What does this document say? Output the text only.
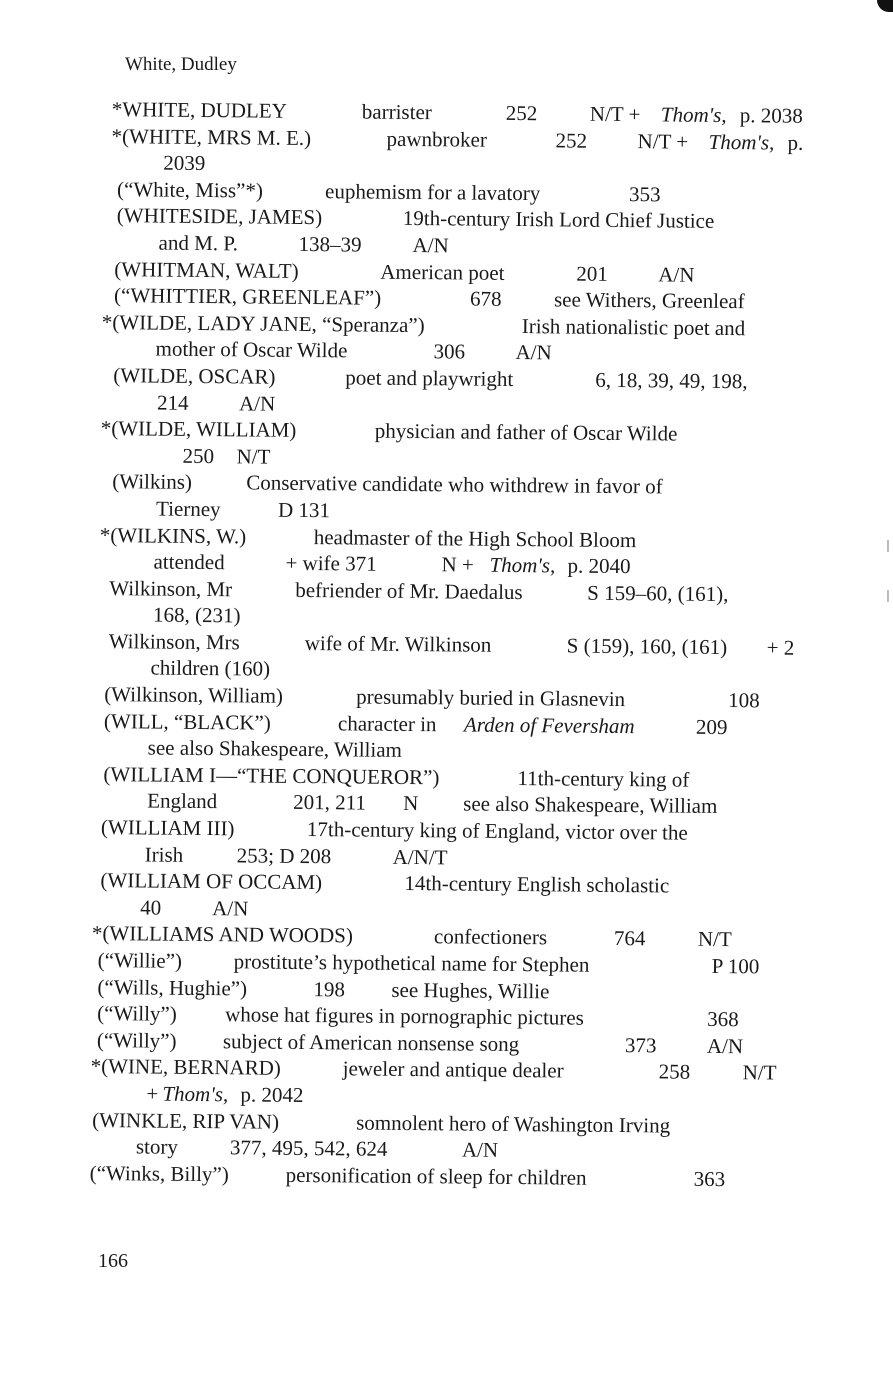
White, Dudley
*WHITE, DUDLEY	barrister	252 N/T + Thom's, p. 2038
*(WHITE, MRS M. E.)	pawnbroker	252 N/T + Thom's, p.
2039
(“White, Miss”*)	euphemism for a lavatory	353
(WHITESIDE, JAMES)	19th-century Irish Lord Chief Justice
and M. P.	138–39 A/N
(WHITMAN, WALT)	American poet	201 A/N
(“WHITTIER, GREENLEAF”)	678 see Withers, Greenleaf
*(WILDE, LADY JANE, “Speranza”)	Irish nationalistic poet and
mother of Oscar Wilde	306 A/N
(WILDE, OSCAR)	poet and playwright	6, 18, 39, 49, 198,
214 A/N
*(WILDE, WILLIAM)	physician and father of Oscar Wilde
250 N/T
(Wilkins)	Conservative candidate who withdrew in favor of
Tierney	D 131
*(WILKINS, W.)	headmaster of the High School Bloom
attended	+ wife 371	N + Thom's, p. 2040
Wilkinson, Mr	befriender of Mr. Daedalus	S 159–60, (161),
168, (231)
Wilkinson, Mrs	wife of Mr. Wilkinson	S (159), 160, (161) + 2
children (160)
(Wilkinson, William)	presumably buried in Glasnevin	108
(WILL, “BLACK”)	character in Arden of Feversham	209
see also Shakespeare, William
(WILLIAM I—“THE CONQUEROR”)	11th-century king of
England	201, 211 N see also Shakespeare, William
(WILLIAM III)	17th-century king of England, victor over the
Irish	253; D 208	A/N/T
(WILLIAM OF OCCAM)	14th-century English scholastic
40 A/N
*(WILLIAMS AND WOODS)	confectioners	764 N/T
(“Willie”) prostitute’s hypothetical name for Stephen	P 100
(“Wills, Hughie”)	198 see Hughes, Willie
(“Willy”) whose hat figures in pornographic pictures	368
(“Willy”) subject of American nonsense song	373 A/N
*(WINE, BERNARD)	jeweler and antique dealer	258 N/T
+ Thom's, p. 2042
(WINKLE, RIP VAN)	somnolent hero of Washington Irving
story 377, 495, 542, 624	A/N
(“Winks, Billy”)	personification of sleep for children	363
166
